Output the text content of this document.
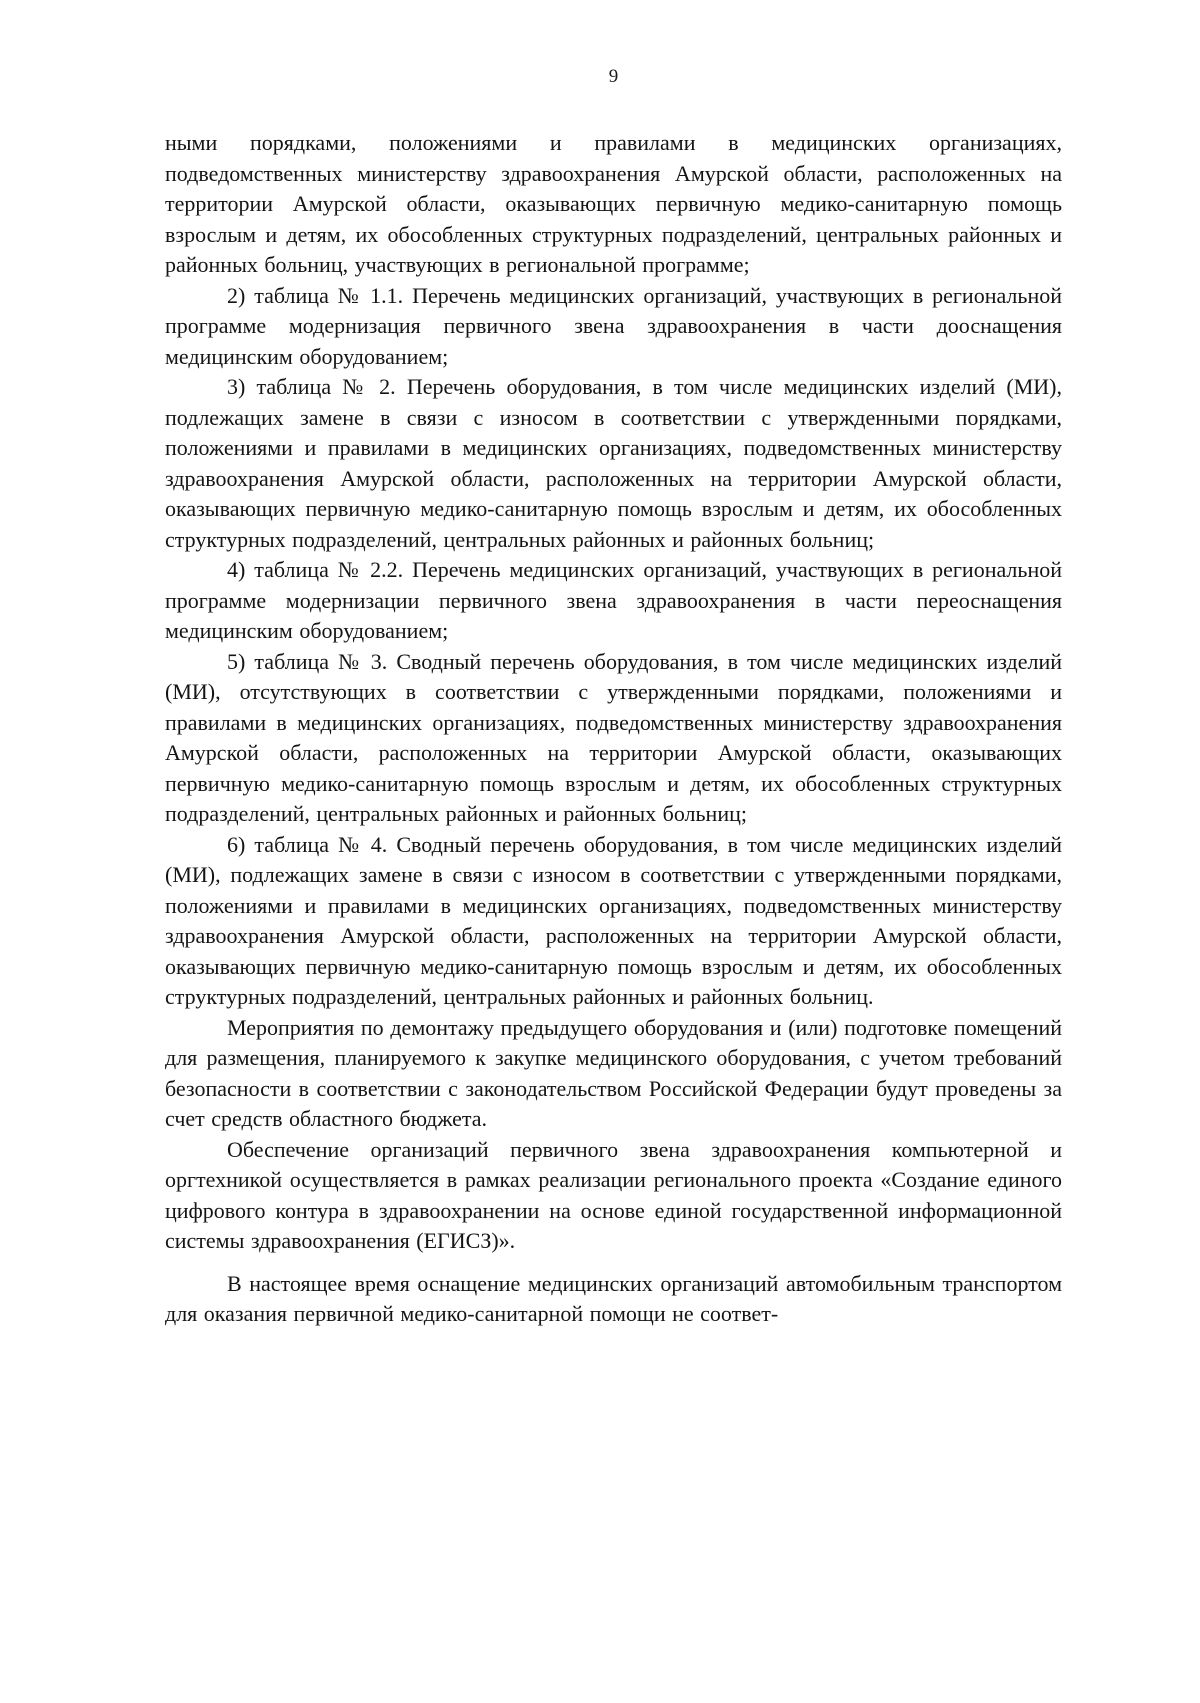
9

ными порядками, положениями и правилами в медицинских организациях, подведомственных министерству здравоохранения Амурской области, расположенных на территории Амурской области, оказывающих первичную медико-санитарную помощь взрослым и детям, их обособленных структурных подразделений, центральных районных и районных больниц, участвующих в региональной программе;

2) таблица № 1.1. Перечень медицинских организаций, участвующих в региональной программе модернизация первичного звена здравоохранения в части дооснащения медицинским оборудованием;

3) таблица № 2. Перечень оборудования, в том числе медицинских изделий (МИ), подлежащих замене в связи с износом в соответствии с утвержденными порядками, положениями и правилами в медицинских организациях, подведомственных министерству здравоохранения Амурской области, расположенных на территории Амурской области, оказывающих первичную медико-санитарную помощь взрослым и детям, их обособленных структурных подразделений, центральных районных и районных больниц;

4) таблица № 2.2. Перечень медицинских организаций, участвующих в региональной программе модернизации первичного звена здравоохранения в части переоснащения медицинским оборудованием;

5) таблица № 3. Сводный перечень оборудования, в том числе медицинских изделий (МИ), отсутствующих в соответствии с утвержденными порядками, положениями и правилами в медицинских организациях, подведомственных министерству здравоохранения Амурской области, расположенных на территории Амурской области, оказывающих первичную медико-санитарную помощь взрослым и детям, их обособленных структурных подразделений, центральных районных и районных больниц;

6) таблица № 4. Сводный перечень оборудования, в том числе медицинских изделий (МИ), подлежащих замене в связи с износом в соответствии с утвержденными порядками, положениями и правилами в медицинских организациях, подведомственных министерству здравоохранения Амурской области, расположенных на территории Амурской области, оказывающих первичную медико-санитарную помощь взрослым и детям, их обособленных структурных подразделений, центральных районных и районных больниц.

Мероприятия по демонтажу предыдущего оборудования и (или) подготовке помещений для размещения, планируемого к закупке медицинского оборудования, с учетом требований безопасности в соответствии с законодательством Российской Федерации будут проведены за счет средств областного бюджета.

Обеспечение организаций первичного звена здравоохранения компьютерной и оргтехникой осуществляется в рамках реализации регионального проекта «Создание единого цифрового контура в здравоохранении на основе единой государственной информационной системы здравоохранения (ЕГИСЗ)».

В настоящее время оснащение медицинских организаций автомобильным транспортом для оказания первичной медико-санитарной помощи не соответ-
